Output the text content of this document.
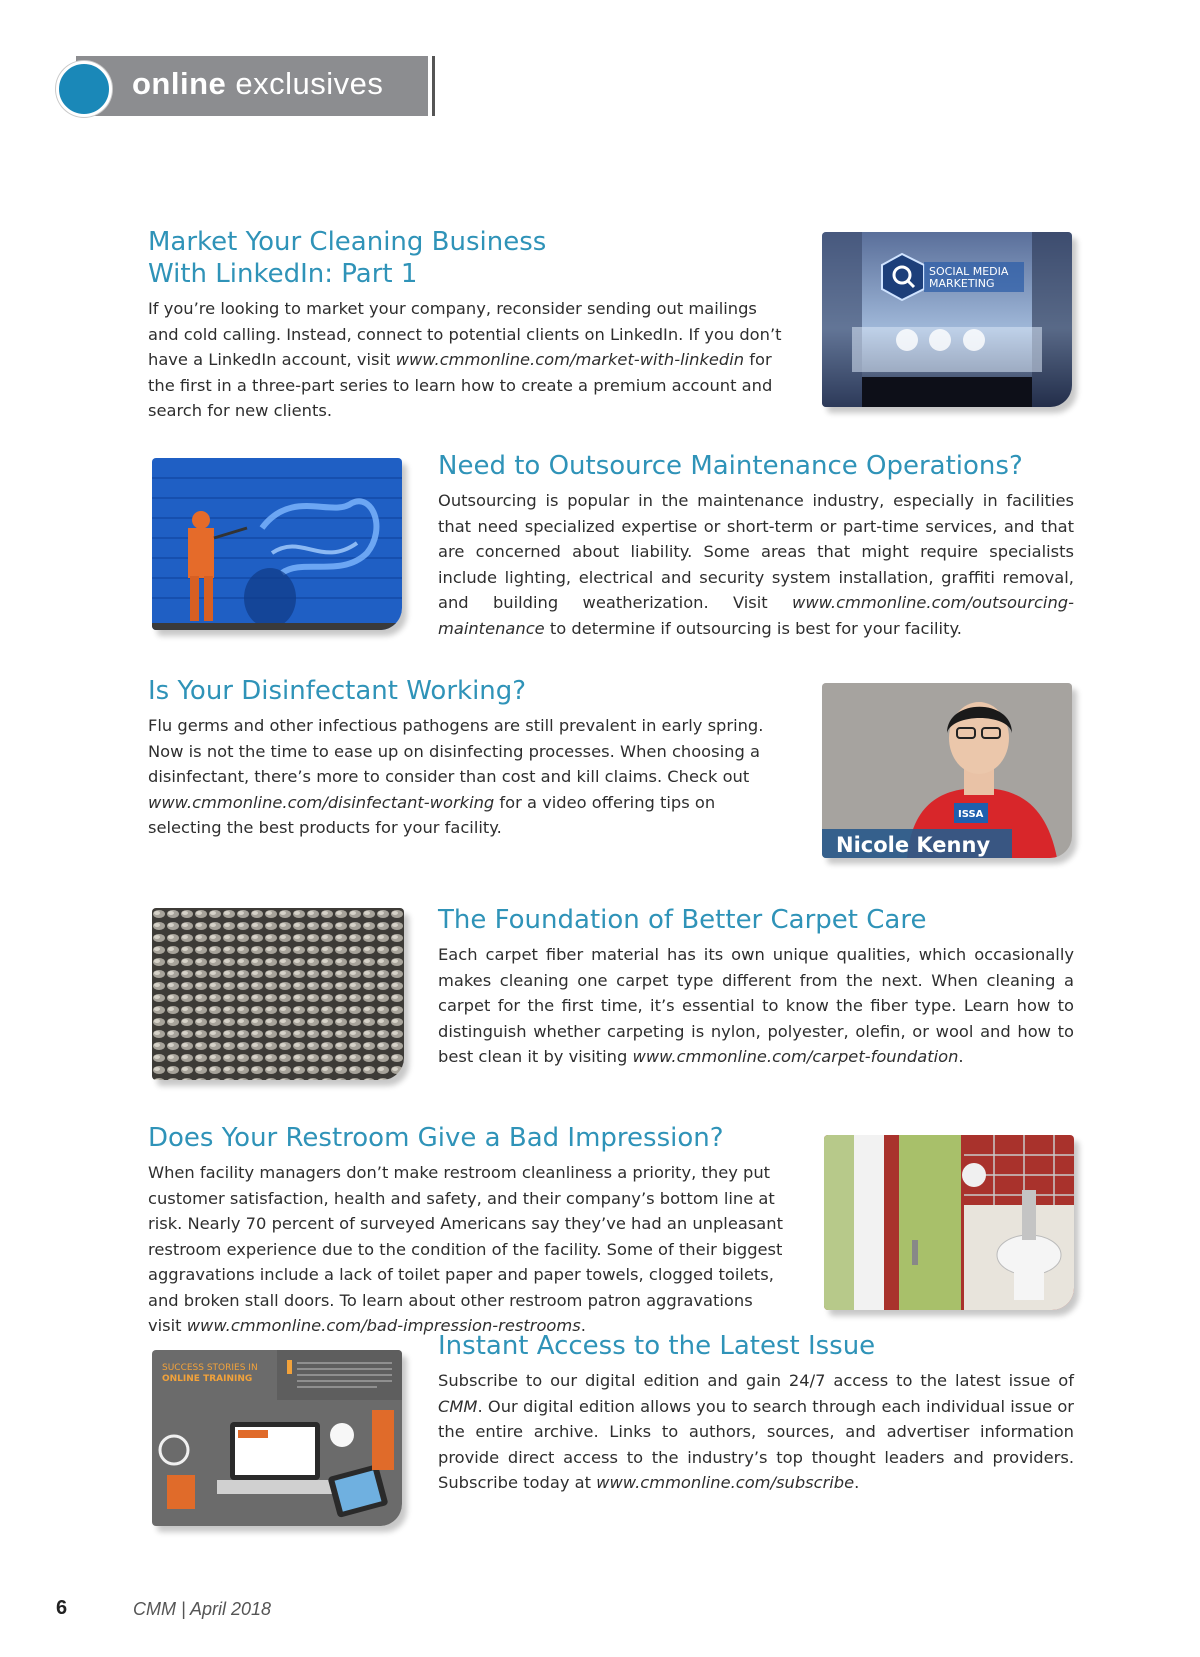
online exclusives
Market Your Cleaning Business
With LinkedIn: Part 1

If you’re looking to market your company, reconsider sending out mailings and cold calling. Instead, connect to potential clients on LinkedIn. If you don’t have a LinkedIn account, visit www.cmmonline.com/market-with-linkedin for the first in a three-part series to learn how to create a premium account and search for new clients.

SOCIAL MEDIA
MARKETING
Need to Outsource Maintenance Operations?

Outsourcing is popular in the maintenance industry, especially in facilities that need specialized expertise or short-term or part-time services, and that are concerned about liability. Some areas that might require specialists include lighting, electrical and security system installation, graffiti removal, and building weatherization. Visit www.cmmonline.com/outsourcing-maintenance to determine if outsourcing is best for your facility.

Is Your Disinfectant Working?

Flu germs and other infectious pathogens are still prevalent in early spring. Now is not the time to ease up on disinfecting processes. When choosing a disinfectant, there’s more to consider than cost and kill claims. Check out www.cmmonline.com/disinfectant-working for a video offering tips on selecting the best products for your facility.

ISSA
Nicole Kenny
The Foundation of Better Carpet Care

Each carpet fiber material has its own unique qualities, which occasionally makes cleaning one carpet type different from the next. When cleaning a carpet for the first time, it’s essential to know the fiber type. Learn how to distinguish whether carpeting is nylon, polyester, olefin, or wool and how to best clean it by visiting www.cmmonline.com/carpet-foundation.

Does Your Restroom Give a Bad Impression?

When facility managers don’t make restroom cleanliness a priority, they put customer satisfaction, health and safety, and their company’s bottom line at risk. Nearly 70 percent of surveyed Americans say they’ve had an unpleasant restroom experience due to the condition of the facility. Some of their biggest aggravations include a lack of toilet paper and paper towels, clogged toilets, and broken stall doors. To learn about other restroom patron aggravations visit www.cmmonline.com/bad-impression-restrooms.

SUCCESS STORIES IN
ONLINE TRAINING
Instant Access to the Latest Issue

Subscribe to our digital edition and gain 24/7 access to the latest issue of CMM. Our digital edition allows you to search through each individual issue or the entire archive. Links to authors, sources, and advertiser information provide direct access to the industry’s top thought leaders and providers. Subscribe today at www.cmmonline.com/subscribe.

6	CMM | April 2018
